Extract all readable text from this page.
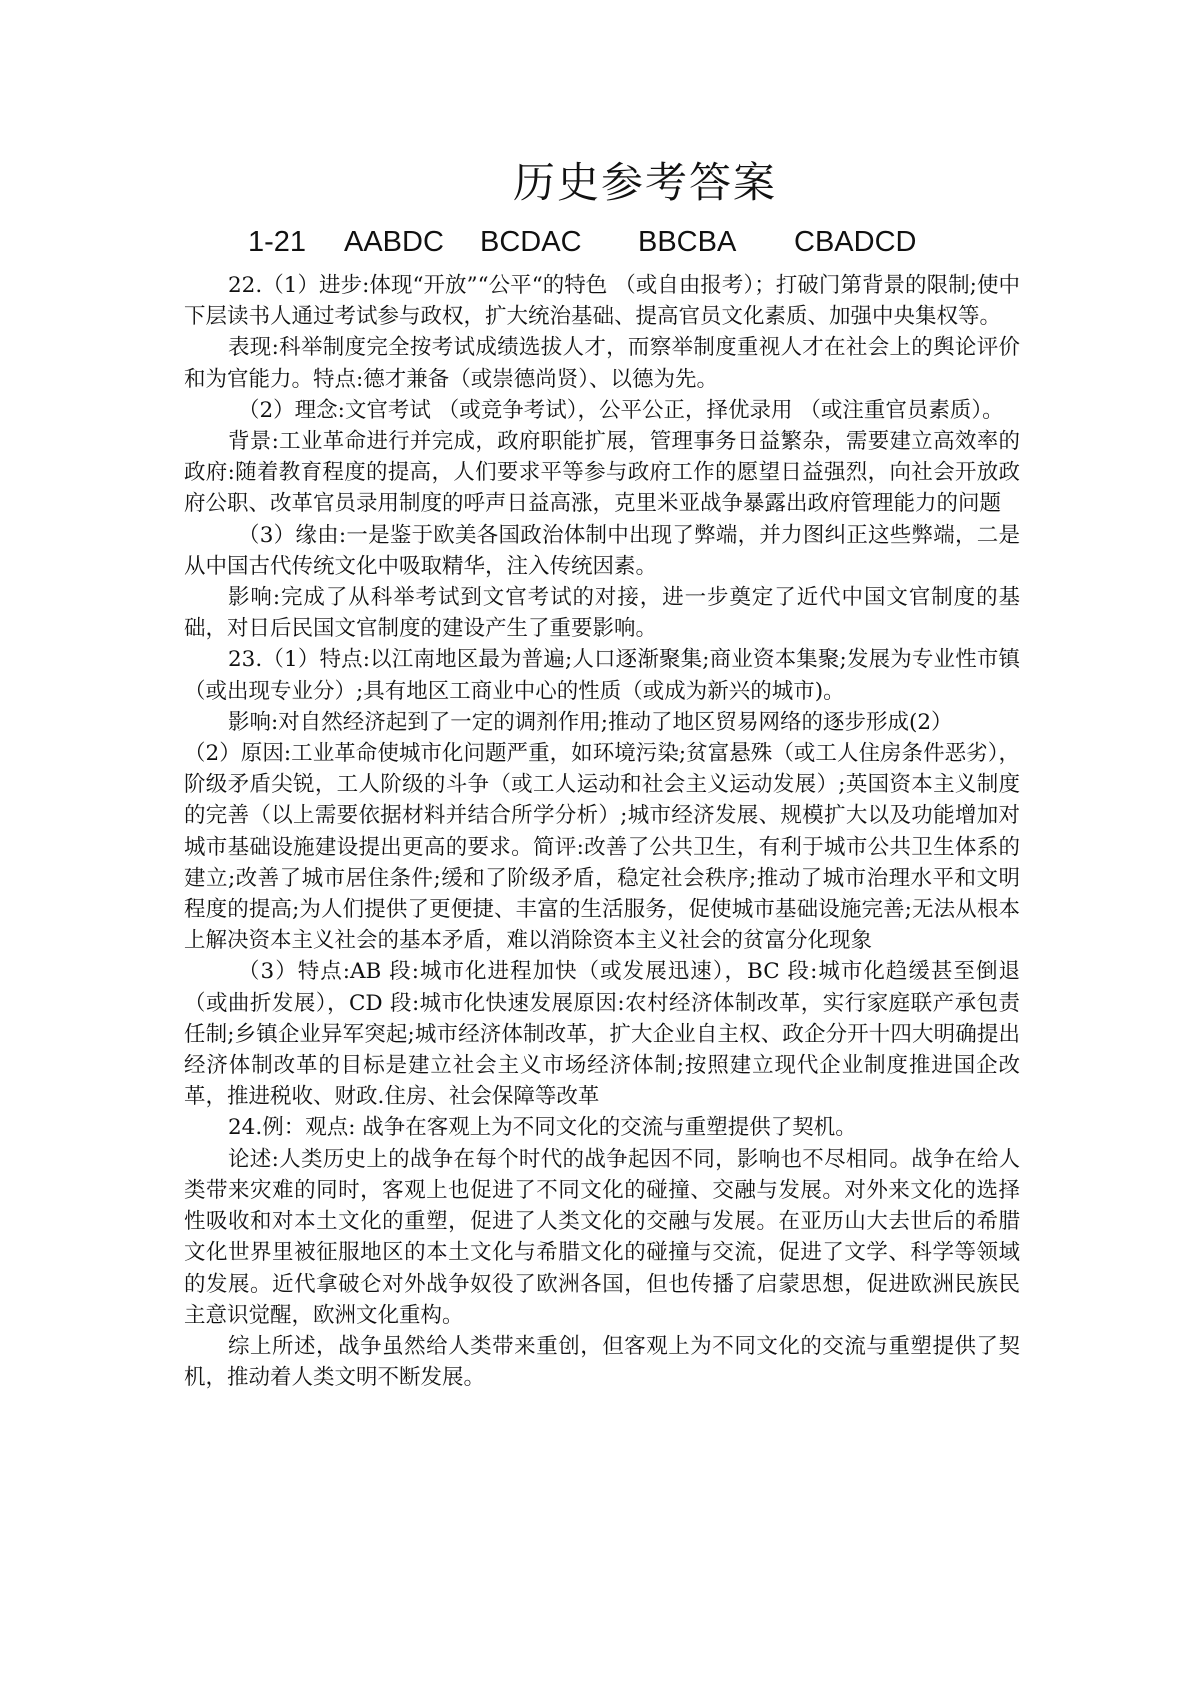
历史参考答案
1-21 AABDC BCDAC BBCBA CBADCD

22.（1）进步:体现“开放”“公平“的特色 （或自由报考）；打破门第背景的限制;使中下层读书人通过考试参与政权，扩大统治基础、提高官员文化素质、加强中央集权等。

表现:科举制度完全按考试成绩选拔人才，而察举制度重视人才在社会上的舆论评价和为官能力。特点:德才兼备（或崇德尚贤）、以德为先。

（2）理念:文官考试 （或竞争考试），公平公正，择优录用 （或注重官员素质）。

背景:工业革命进行并完成，政府职能扩展，管理事务日益繁杂，需要建立高效率的政府:随着教育程度的提高，人们要求平等参与政府工作的愿望日益强烈，向社会开放政府公职、改革官员录用制度的呼声日益高涨，克里米亚战争暴露出政府管理能力的问题

（3）缘由:一是鉴于欧美各国政治体制中出现了弊端，并力图纠正这些弊端，二是从中国古代传统文化中吸取精华，注入传统因素。

影响:完成了从科举考试到文官考试的对接，进一步奠定了近代中国文官制度的基础，对日后民国文官制度的建设产生了重要影响。

23.（1）特点:以江南地区最为普遍;人口逐渐聚集;商业资本集聚;发展为专业性市镇（或出现专业分）;具有地区工商业中心的性质（或成为新兴的城市)。

影响:对自然经济起到了一定的调剂作用;推动了地区贸易网络的逐步形成(2）

（2）原因:工业革命使城市化问题严重，如环境污染;贫富悬殊（或工人住房条件恶劣），阶级矛盾尖锐，工人阶级的斗争（或工人运动和社会主义运动发展）;英国资本主义制度的完善（以上需要依据材料并结合所学分析）;城市经济发展、规模扩大以及功能增加对城市基础设施建设提出更高的要求。简评:改善了公共卫生，有利于城市公共卫生体系的建立;改善了城市居住条件;缓和了阶级矛盾，稳定社会秩序;推动了城市治理水平和文明程度的提高;为人们提供了更便捷、丰富的生活服务，促使城市基础设施完善;无法从根本上解决资本主义社会的基本矛盾，难以消除资本主义社会的贫富分化现象

（3）特点:AB 段:城市化进程加快（或发展迅速），BC 段:城市化趋缓甚至倒退（或曲折发展），CD 段:城市化快速发展原因:农村经济体制改革，实行家庭联产承包责任制;乡镇企业异军突起;城市经济体制改革，扩大企业自主权、政企分开十四大明确提出经济体制改革的目标是建立社会主义市场经济体制;按照建立现代企业制度推进国企改革，推进税收、财政.住房、社会保障等改革

24.例：观点: 战争在客观上为不同文化的交流与重塑提供了契机。

论述:人类历史上的战争在每个时代的战争起因不同，影响也不尽相同。战争在给人类带来灾难的同时，客观上也促进了不同文化的碰撞、交融与发展。对外来文化的选择性吸收和对本土文化的重塑，促进了人类文化的交融与发展。在亚历山大去世后的希腊文化世界里被征服地区的本土文化与希腊文化的碰撞与交流，促进了文学、科学等领域的发展。近代拿破仑对外战争奴役了欧洲各国，但也传播了启蒙思想，促进欧洲民族民主意识觉醒，欧洲文化重构。

综上所述，战争虽然给人类带来重创，但客观上为不同文化的交流与重塑提供了契机，推动着人类文明不断发展。
